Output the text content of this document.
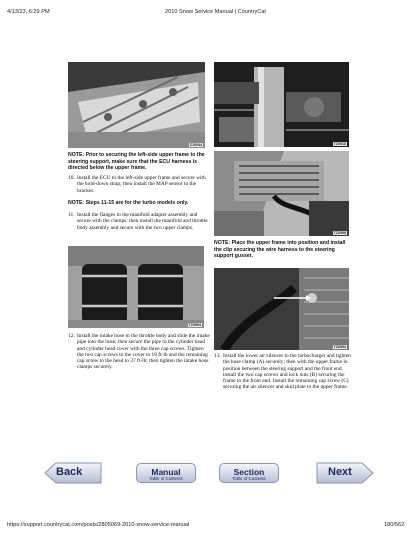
4/13/23, 6:29 PM	2010 Snow Service Manual | CountryCat
ZJ0044	TZ0918
NOTE: Prior to securing the left-side upper frame to the steering support, make sure that the ECU harness is directed below the upper frame.
10. Install the ECU to the left-side upper frame and secure with the hold-down strap; then install the MAP sensor to the bracket.
NOTE: Steps 11-15 are for the turbo models only.
11. Install the flanges to the manifold adapter assembly and secure with the clamps; then install the manifold and throttle body assembly and secure with the two upper clamps.
TZ0598
NOTE: Place the upper frame into position and install the clip securing the wire harness to the steering support gusset.
TZ0994
TZ0994
12. Install the intake hose to the throttle body and slide the intake pipe into the hose; then secure the pipe to the cylinder head and cylinder head cover with the three cap screws. Tighten the two cap screws to the cover to 18 ft-lb and the remaining cap screw to the head to 37 ft-lb; then tighten the intake hose clamps securely.
13. Install the lower air silencer to the turbocharger and tighten the hose clamp (A) securely; then with the upper frame in position between the steering support and the front end, install the two cap screws and lock nuts (B) securing the frame to the front end. Install the remaining cap screw (C) securing the air silencer and skid plate to the upper frame.
Back	Manual
Table of Contents
Section
Table of Contents
Next
https://support.countrycat.com/posts/2805069-2010-snow-service-manual	180/562
